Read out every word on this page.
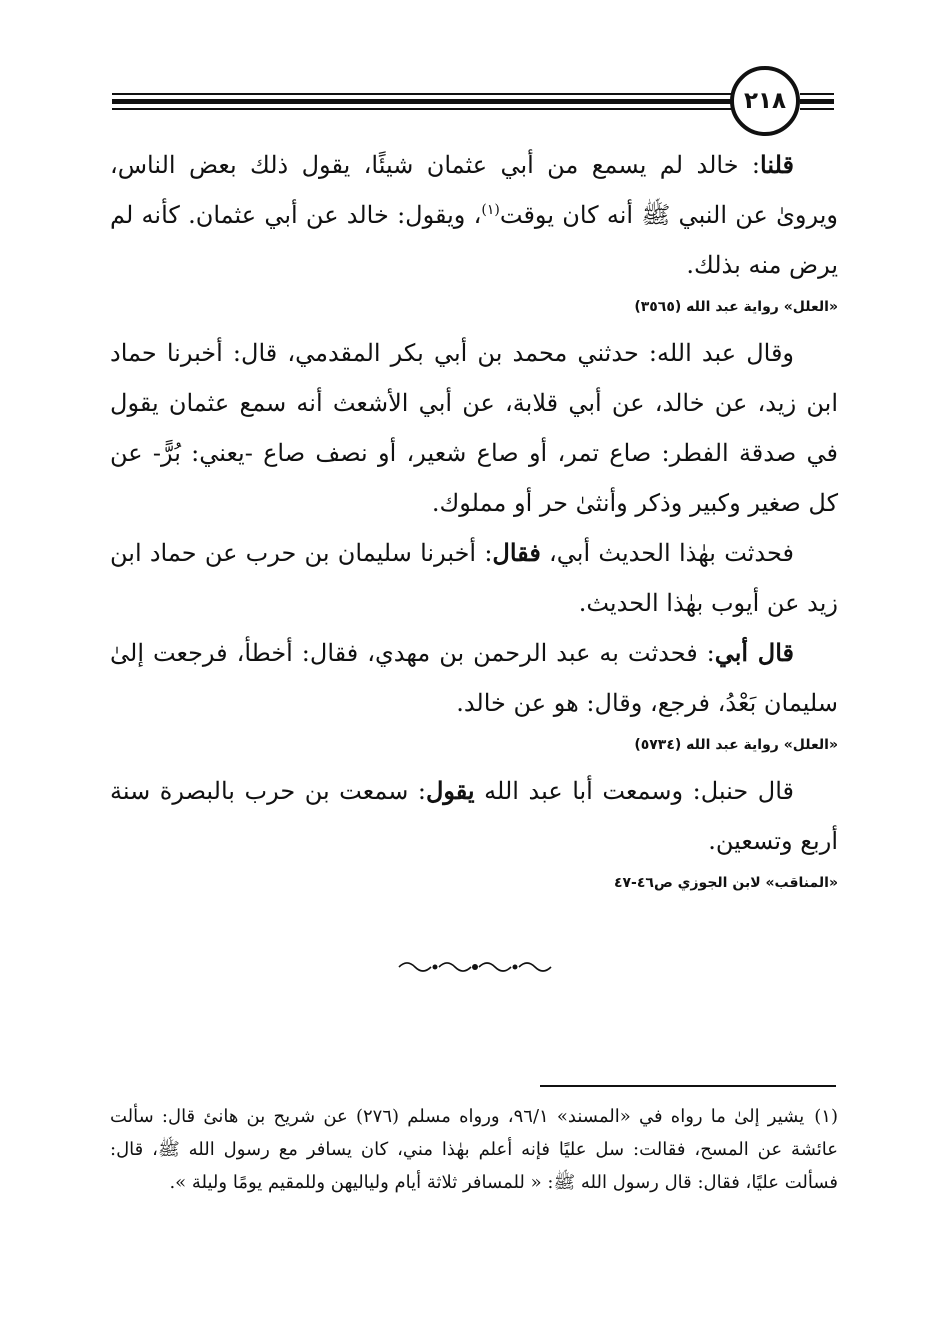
٢١٨

قلنا: خالد لم يسمع من أبي عثمان شيئًا، يقول ذلك بعض الناس، ويرویٰ عن النبي ﷺ أنه كان يوقت$^{(١)}$، ويقول: خالد عن أبي عثمان. كأنه لم يرض منه بذلك.

«العلل» رواية عبد الله (٣٥٦٥)

وقال عبد الله: حدثني محمد بن أبي بكر المقدمي، قال: أخبرنا حماد ابن زيد، عن خالد، عن أبي قلابة، عن أبي الأشعث أنه سمع عثمان يقول في صدقة الفطر: صاع تمر، أو صاع شعير، أو نصف صاع -يعني: بُرًّ- عن كل صغير وكبير وذكر وأنثىٰ حر أو مملوك.

فحدثت بهٰذا الحديث أبي، فقال: أخبرنا سليمان بن حرب عن حماد ابن زيد عن أيوب بهٰذا الحديث.

قال أبي: فحدثت به عبد الرحمن بن مهدي، فقال: أخطأ، فرجعت إلىٰ سليمان بَعْدُ، فرجع، وقال: هو عن خالد.

«العلل» رواية عبد الله (٥٧٣٤)

قال حنبل: وسمعت أبا عبد الله يقول: سمعت بن حرب بالبصرة سنة أربع وتسعين.

«المناقب» لابن الجوزي ص٤٦-٤٧
(١)يشير إلىٰ ما رواه في «المسند» ٩٦/١، ورواه مسلم (٢٧٦) عن شريح بن هانئ قال: سألت عائشة عن المسح، فقالت: سل عليًا فإنه أعلم بهٰذا مني، كان يسافر مع رسول الله ﷺ، قال: فسألت عليًا، فقال: قال رسول الله ﷺ: « للمسافر ثلاثة أيام ولياليهن وللمقيم يومًا وليلة ».
